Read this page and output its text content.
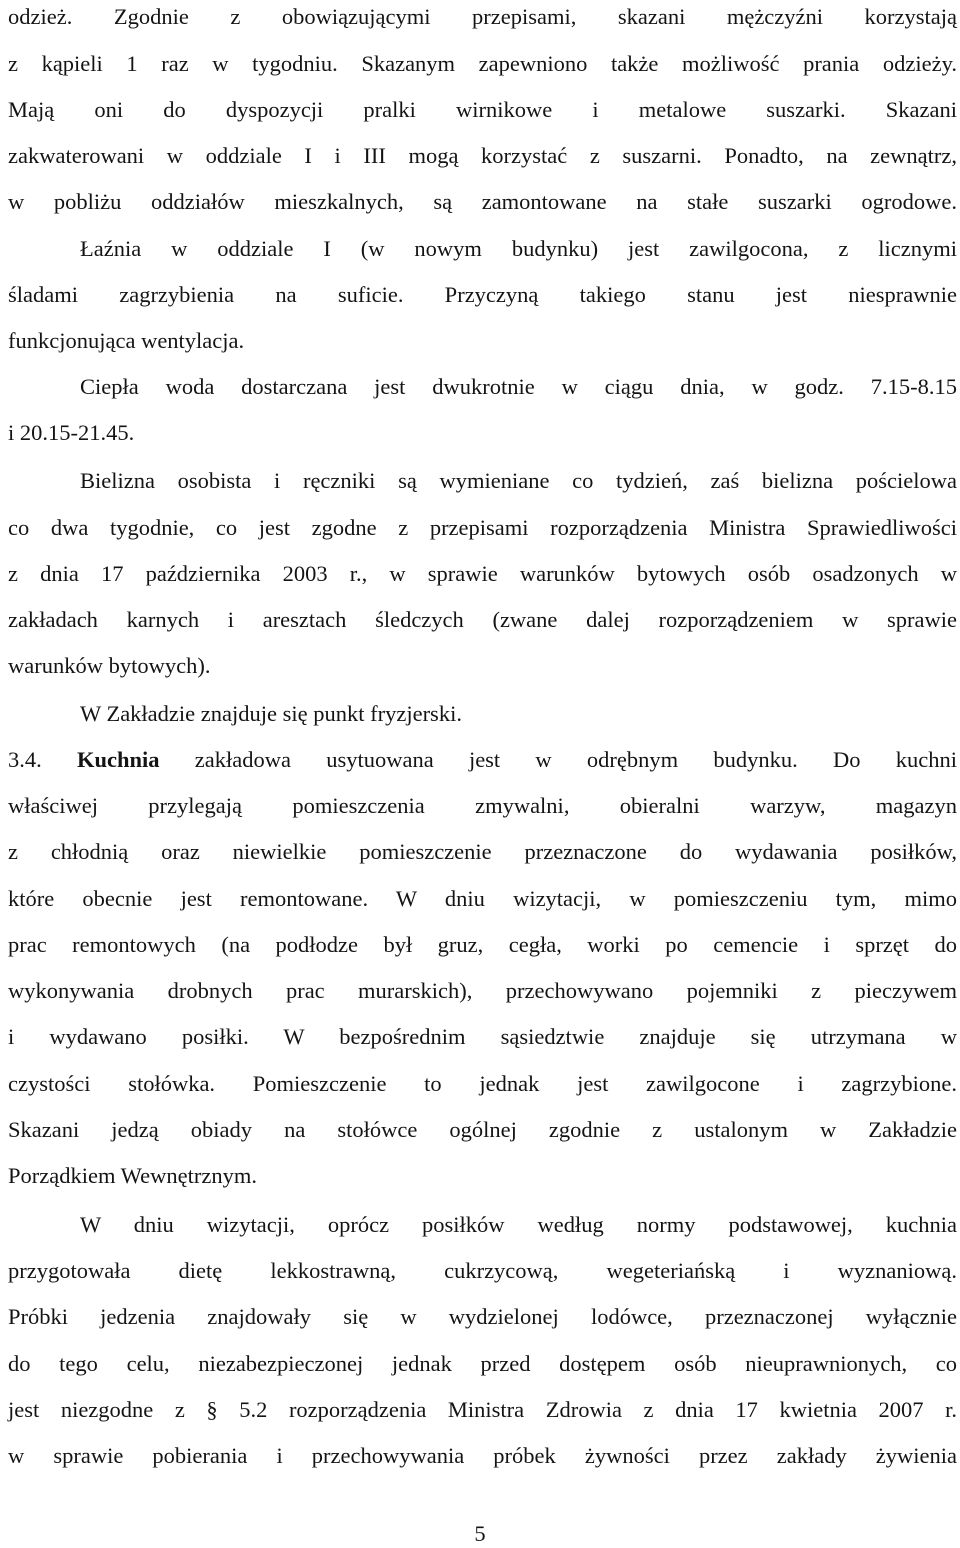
odzież. Zgodnie z obowiązującymi przepisami, skazani mężczyźni korzystają
z kąpieli 1 raz w tygodniu. Skazanym zapewniono także możliwość prania odzieży.
Mają oni do dyspozycji pralki wirnikowe i metalowe suszarki. Skazani
zakwaterowani w oddziale I i III mogą korzystać z suszarni. Ponadto, na zewnątrz,
w pobliżu oddziałów mieszkalnych, są zamontowane na stałe suszarki ogrodowe.
Łaźnia w oddziale I (w nowym budynku) jest zawilgocona, z licznymi
śladami zagrzybienia na suficie. Przyczyną takiego stanu jest niesprawnie
funkcjonująca wentylacja.
Ciepła woda dostarczana jest dwukrotnie w ciągu dnia, w godz. 7.15-8.15
i 20.15-21.45.
Bielizna osobista i ręczniki są wymieniane co tydzień, zaś bielizna pościelowa
co dwa tygodnie, co jest zgodne z przepisami rozporządzenia Ministra Sprawiedliwości
z dnia 17 października 2003 r., w sprawie warunków bytowych osób osadzonych w
zakładach karnych i aresztach śledczych (zwane dalej rozporządzeniem w sprawie
warunków bytowych).
W Zakładzie znajduje się punkt fryzjerski.
3.4. Kuchnia zakładowa usytuowana jest w odrębnym budynku. Do kuchni
właściwej przylegają pomieszczenia zmywalni, obieralni warzyw, magazyn
z chłodnią oraz niewielkie pomieszczenie przeznaczone do wydawania posiłków,
które obecnie jest remontowane. W dniu wizytacji, w pomieszczeniu tym, mimo
prac remontowych (na podłodze był gruz, cegła, worki po cemencie i sprzęt do
wykonywania drobnych prac murarskich), przechowywano pojemniki z pieczywem
i wydawano posiłki. W bezpośrednim sąsiedztwie znajduje się utrzymana w
czystości stołówka. Pomieszczenie to jednak jest zawilgocone i zagrzybione.
Skazani jedzą obiady na stołówce ogólnej zgodnie z ustalonym w Zakładzie
Porządkiem Wewnętrznym.
W dniu wizytacji, oprócz posiłków według normy podstawowej, kuchnia
przygotowała dietę lekkostrawną, cukrzycową, wegeteriańską i wyznaniową.
Próbki jedzenia znajdowały się w wydzielonej lodówce, przeznaczonej wyłącznie
do tego celu, niezabezpieczonej jednak przed dostępem osób nieuprawnionych, co
jest niezgodne z § 5.2 rozporządzenia Ministra Zdrowia z dnia 17 kwietnia 2007 r.
w sprawie pobierania i przechowywania próbek żywności przez zakłady żywienia
5
